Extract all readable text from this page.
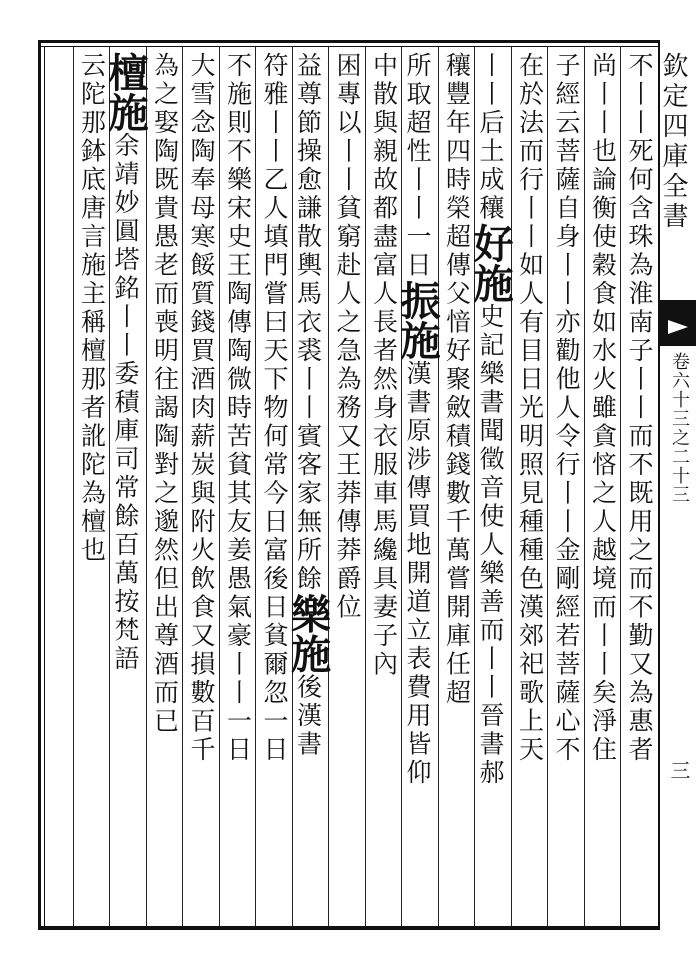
欽定四庫全書
卷六十三之二十三
三
不丨丨死何含珠為淮南子丨丨而不既用之而不勤又為惠者
尚丨丨也論衡使穀食如水火雖貪悋之人越境而丨丨矣淨住
子經云菩薩自身丨丨亦勸他人令行丨丨金剛經若菩薩心不
在於法而行丨丨如人有目日光明照見種種色漢郊祀歌上天
丨丨后土成穰好施史記樂書聞徵音使人樂善而丨丨晉書郝
穰豐年四時榮超傳父愔好聚斂積錢數千萬嘗開庫任超
所取超性丨丨一日振施漢書原涉傳買地開道立表費用皆仰
中散與親故都盡富人長者然身衣服車馬纔具妻子內
困專以丨丨貧窮赴人之急為務又王莽傳莽爵位
益尊節操愈謙散輿馬衣裘丨丨賓客家無所餘樂施後漢書
符雅丨丨乙人填門嘗曰天下物何常今日富後日貧爾忽一日
不施則不樂宋史王陶傳陶微時苦貧其友姜愚氣豪丨丨一日
大雪念陶奉母寒餒質錢買酒肉薪炭與附火飲食又損數百千
為之娶陶既貴愚老而喪明往謁陶對之邈然但出尊酒而已
檀施余靖妙圓塔銘丨丨委積庫司常餘百萬按梵語
云陀那鉢底唐言施主稱檀那者訛陀為檀也
